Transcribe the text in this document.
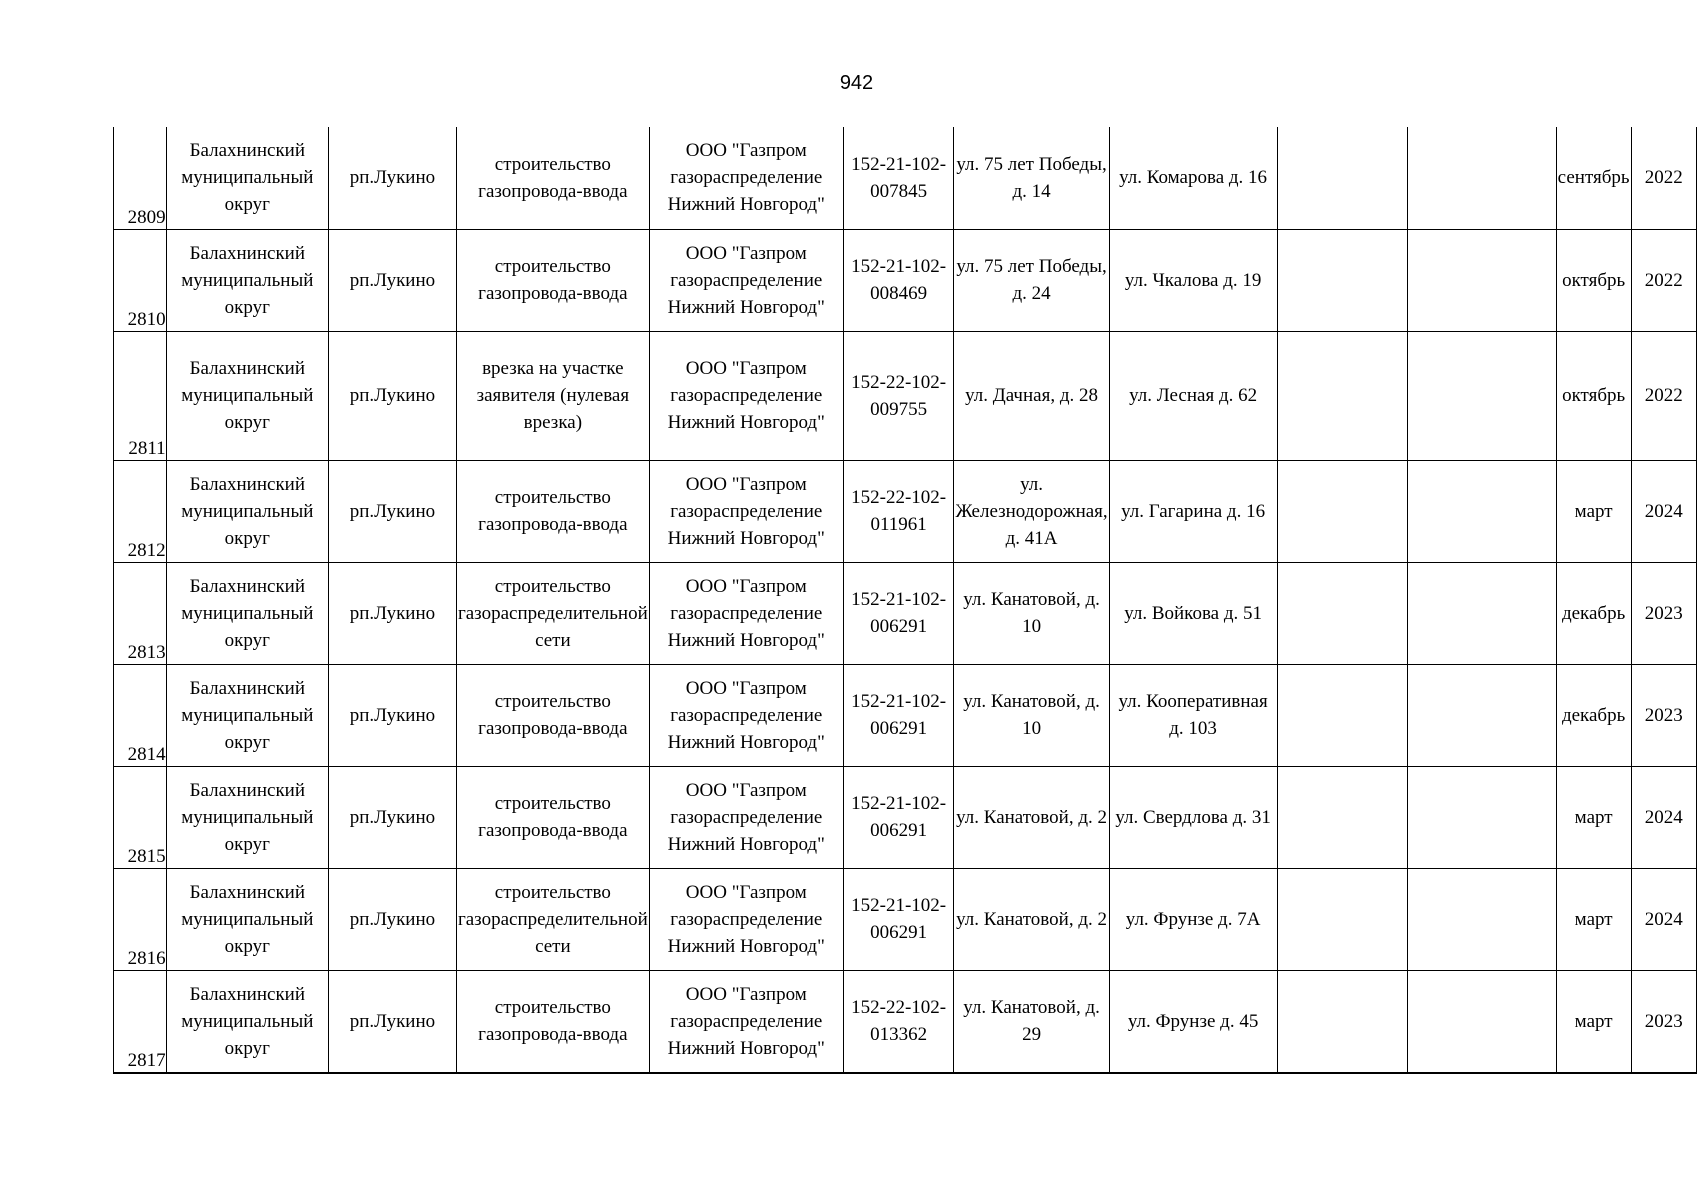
942
2809	Балахнинский муниципальный округ	рп.Лукино	строительство газопровода-ввода	ООО "Газпром газораспределение Нижний Новгород"	152-21-102-007845	ул. 75 лет Победы, д. 14	ул. Комарова д. 16			сентябрь	2022

2810	Балахнинский муниципальный округ	рп.Лукино	строительство газопровода-ввода	ООО "Газпром газораспределение Нижний Новгород"	152-21-102-008469	ул. 75 лет Победы, д. 24	ул. Чкалова д. 19			октябрь	2022

2811	Балахнинский муниципальный округ	рп.Лукино	врезка на участке заявителя (нулевая врезка)	ООО "Газпром газораспределение Нижний Новгород"	152-22-102-009755	ул. Дачная, д. 28	ул. Лесная д. 62			октябрь	2022

2812	Балахнинский муниципальный округ	рп.Лукино	строительство газопровода-ввода	ООО "Газпром газораспределение Нижний Новгород"	152-22-102-011961	ул. Железнодорожная, д. 41А	ул. Гагарина д. 16			март	2024

2813	Балахнинский муниципальный округ	рп.Лукино	строительство газораспределительной сети	ООО "Газпром газораспределение Нижний Новгород"	152-21-102-006291	ул. Канатовой, д. 10	ул. Войкова д. 51			декабрь	2023

2814	Балахнинский муниципальный округ	рп.Лукино	строительство газопровода-ввода	ООО "Газпром газораспределение Нижний Новгород"	152-21-102-006291	ул. Канатовой, д. 10	ул. Кооперативная д. 103			декабрь	2023

2815	Балахнинский муниципальный округ	рп.Лукино	строительство газопровода-ввода	ООО "Газпром газораспределение Нижний Новгород"	152-21-102-006291	ул. Канатовой, д. 2	ул. Свердлова д. 31			март	2024

2816	Балахнинский муниципальный округ	рп.Лукино	строительство газораспределительной сети	ООО "Газпром газораспределение Нижний Новгород"	152-21-102-006291	ул. Канатовой, д. 2	ул. Фрунзе д. 7А			март	2024

2817	Балахнинский муниципальный округ	рп.Лукино	строительство газопровода-ввода	ООО "Газпром газораспределение Нижний Новгород"	152-22-102-013362	ул. Канатовой, д. 29	ул. Фрунзе д. 45			март	2023
